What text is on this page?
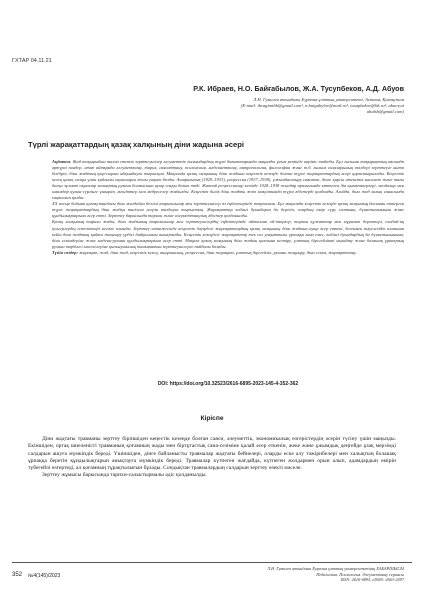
ГХТАР 04.11.21
Р.К. Ибраев, Н.О. Байғабылов, Ж.А. Тусупбеков, А.Д. Абуов
Л.Н. Гумилев атындағы Еуразия ұлттық университеті, Астана, Қазақстан
(E-mail: ibragimibb@gmail.com¹, n.baigabylov@mail.ru², tusupbekov@bk.ru³, abuov.at
ahalsh@gmail.com)
Түрлі жарақаттардың қазақ халқының діни жадына әсері

Аңдатпа. Жад тақырыбын талап ететін зерттеушілер әлеуметтік ғылымдардың түрлі бағыттарында маңызды ұғым ретінде көрініс табады. Бұл ғылыми тақырыптың аясында әртүрлі пәндер, атап айтқанда әлеуметтану, тарих, саясаттану, психология, мәдениеттану, антропология, философия және т.б. ғылым салаларының өкілдері зерттеуге ынта білдіріп, діни жадтың қыр-сырын айқындауға тырысқан. Мақалада қазақ халқының діни жадына кеңестік кезеңде болған түрлі жарақаттардың әсері қарастырылады. Кеңестік кезең қазақ халқы үшін қайғылы оқиғаларға толы уақыт болды. Ашаршылық (1929–1933), репрессия (1937–1938), ұжымдастыру саясаты, дінге қарсы атеистік насихат және тағы басқа зұлмат оқиғалар халықтың рухани болмысына ауыр соққы болып тиді. Жаппай репрессиялар кезінде 1928–1938 жылдар аралығында көптеген дін қызметкерлері, молдалар мен имамдар қуғын-сүргінге ұшырап, мешіттер мен медреселер жабылды. Кеңестік билік діни жадты жою мақсатында түрлі әдістерді қолданды. Алайда, діни жад халық санасында сақталып қалды.

ХХ ғасыр бойына қазақстандағы діни жағдайға белгілі тарихшылар мен зерттеушілер өз еңбектерінде тоқталған. Бұл мақалада кеңестік кезеңде қазақ халқының басынан өткерген түрлі жарақаттардың діни жадқа тигізген әсерін талдауға тырыстық. Жарақаттар кейінгі буындарға да беріліп, олардың өмір сүру салтына, дүниетанымына және құндылықтарына әсер етті. Зерттеу барысында тарихи және әлеуметтанулық әдістер қолданылды.

Қазақ халқының тарихи жады, діни жадының тарихшылар мен зерттеушілердің еңбектерінде айтылған ой-пікірлер, тарихи құжаттар мен мұрағат деректері, сондай-ақ куәгерлердің естеліктері негізге алынды. Зерттеу нәтижесінде кеңестік дәуірдегі жарақаттардың қазақ халқының діни жадына ауыр әсер еткені, дегенмен тәуелсіздік алғаннан кейін діни жадтың қайта жаңғыру үрдісі байқалғаны анықталды. Кеңестік кезеңдегі жарақаттар тек сол уақыттағы ұрпаққа ғана емес, кейінгі буындардың да дүниетанымына, діни сенімдеріне және мәдени-рухани құндылықтарына әсер етті. Мақала қазақ халқының діни жадын қалпына келтіру, ұлттық бірегейлікті нығайту және болашақ ұрпақтың рухани тәрбиесі мәселелеріне қызығушылық танытатын зерттеушілерге пайдалы болады.

Түйін сөздер: жарақат, жад, діни жад, кеңестік кезең, ашаршылық, репрессия, діни жарақат, ұлттық бірегейлік, рухани жаңғыру, діни сенім, жарақаттану.

DOI: https://doi.org/10.32523/2616-6895-2023-145-4-352-362
Кіріспе

Діни жадтағы травманы зерттеу біріншіден кеңестік кезеңде болған саяси, әлеуметтік, экономикалық өзгерістердің әсерін түсіну үшін маңызды. Екіншіден, ортақ шиеленісті травманың қоғамның жады мен біртұтастық сана-сезіміне қалай әсер еткенін, жеке және ұжымдық деңгейде ұзақ мерзімді салдарын ашуға мүмкіндік береді. Үшіншіден, дінге байланысты травмалар жадтағы бейнелері, оларды еске алу тәжірибелері мен халықтың болашақ ұрпаққа беретін құндылықтарын анықтауға мүмкіндік береді. Травмалар күтпеген жағдайда, күтпеген жолдармен орын алып, адамдардың өмірін түбегейлі өзгертеді, ал қоғамның тұрақтылығын бұзады. Сондықтан травмалардың салдарын зерттеу өзекті мәселе.

Зерттеу жұмысы барысында тарихи-салыстырмалы әдіс қолданылды.

352 №4(145)/2023
Л.Н. Гумилев атындағы Еуразия ұлттық университетінің ХАБАРШЫСЫ
Педагогика. Психология. Әлеуметтану сериясы
ISSN: 2616-6895, eISSN: 2663-2497
